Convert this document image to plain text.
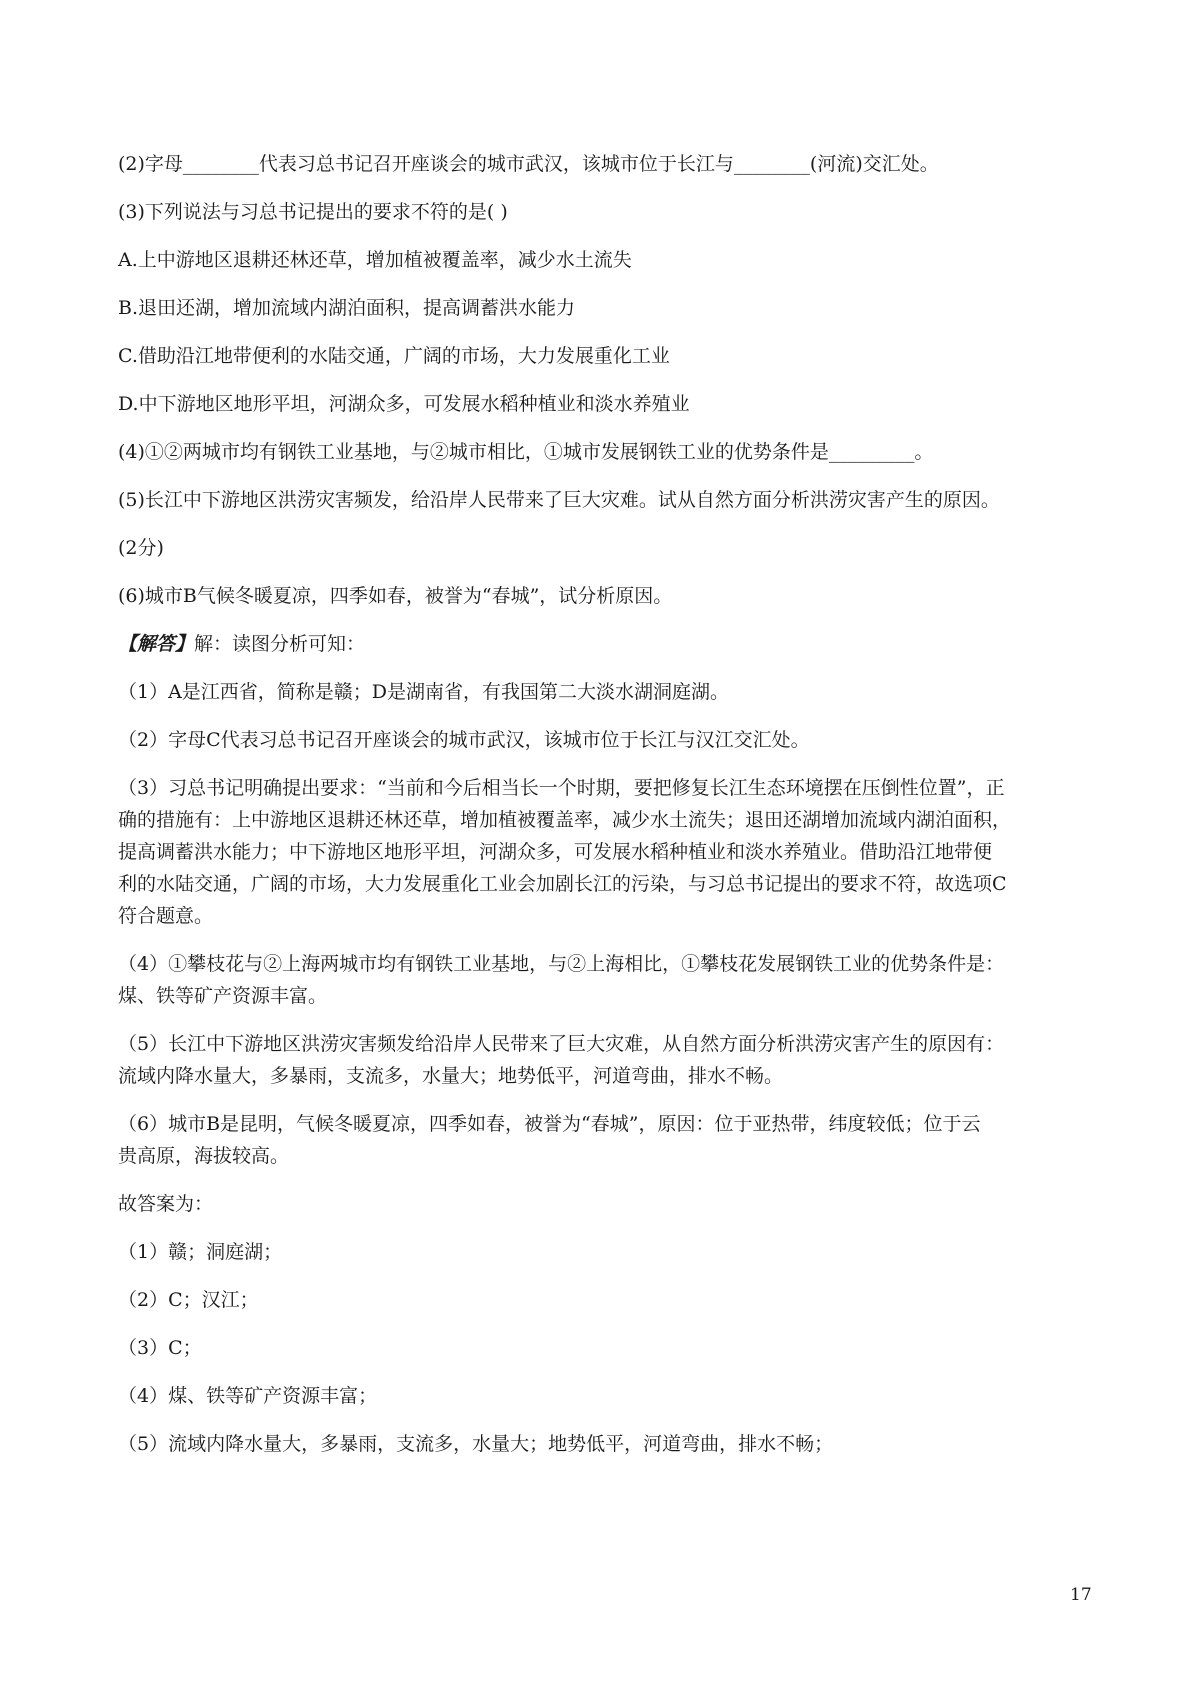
(2)字母________代表习总书记召开座谈会的城市武汉，该城市位于长江与________(河流)交汇处。
(3)下列说法与习总书记提出的要求不符的是( )
A.上中游地区退耕还林还草，增加植被覆盖率，减少水土流失
B.退田还湖，增加流域内湖泊面积，提高调蓄洪水能力
C.借助沿江地带便利的水陆交通，广阔的市场，大力发展重化工业
D.中下游地区地形平坦，河湖众多，可发展水稻种植业和淡水养殖业
(4)①②两城市均有钢铁工业基地，与②城市相比，①城市发展钢铁工业的优势条件是_________。
(5)长江中下游地区洪涝灾害频发，给沿岸人民带来了巨大灾难。试从自然方面分析洪涝灾害产生的原因。
(2分)
(6)城市B气候冬暖夏凉，四季如春，被誉为“春城”，试分析原因。
【解答】解：读图分析可知：
（1）A是江西省，简称是赣；D是湖南省，有我国第二大淡水湖洞庭湖。
（2）字母C代表习总书记召开座谈会的城市武汉，该城市位于长江与汉江交汇处。
（3）习总书记明确提出要求：“当前和今后相当长一个时期，要把修复长江生态环境摆在压倒性位置”，正
确的措施有：上中游地区退耕还林还草，增加植被覆盖率，减少水土流失；退田还湖增加流域内湖泊面积，
提高调蓄洪水能力；中下游地区地形平坦，河湖众多，可发展水稻种植业和淡水养殖业。借助沿江地带便
利的水陆交通，广阔的市场，大力发展重化工业会加剧长江的污染，与习总书记提出的要求不符，故选项C
符合题意。
（4）①攀枝花与②上海两城市均有钢铁工业基地，与②上海相比，①攀枝花发展钢铁工业的优势条件是：
煤、铁等矿产资源丰富。
（5）长江中下游地区洪涝灾害频发给沿岸人民带来了巨大灾难，从自然方面分析洪涝灾害产生的原因有：
流域内降水量大，多暴雨，支流多，水量大；地势低平，河道弯曲，排水不畅。
（6）城市B是昆明，气候冬暖夏凉，四季如春，被誉为“春城”，原因：位于亚热带，纬度较低；位于云
贵高原，海拔较高。
故答案为：
（1）赣；洞庭湖；
（2）C；汉江；
（3）C；
（4）煤、铁等矿产资源丰富；
（5）流域内降水量大，多暴雨，支流多，水量大；地势低平，河道弯曲，排水不畅；
17
